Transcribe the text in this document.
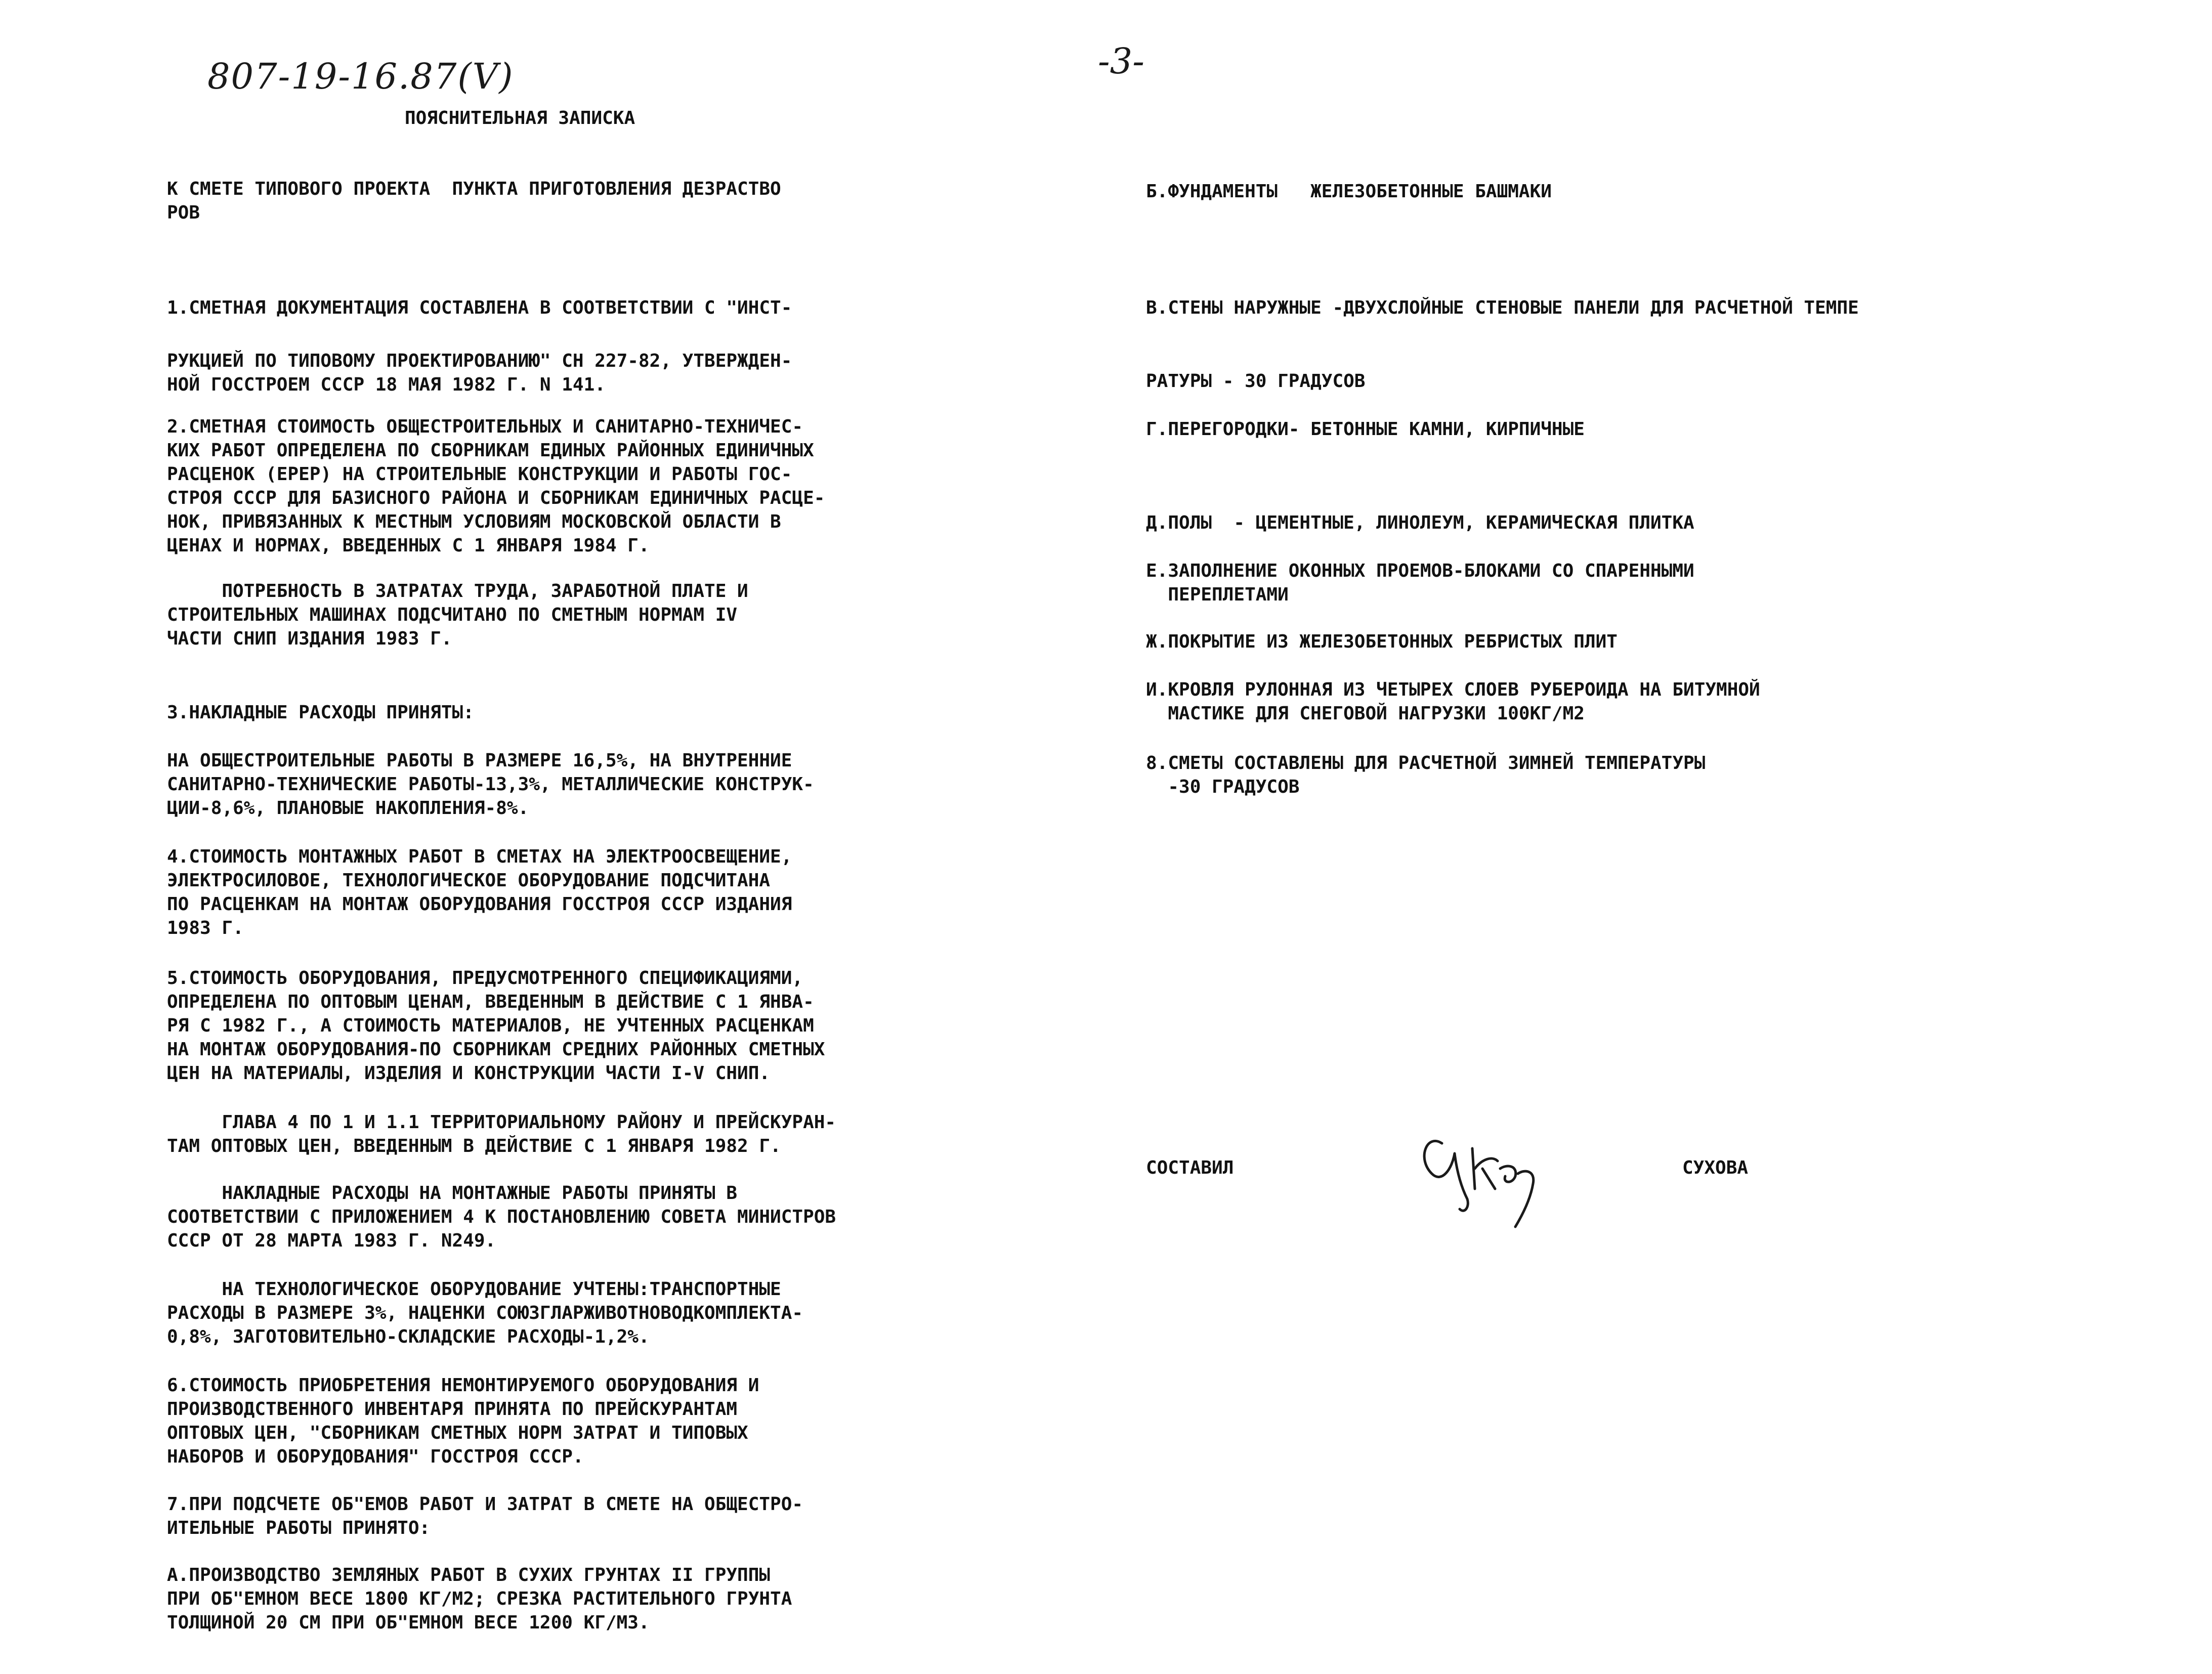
807-19-16.87(V)	-3-
ПОЯСНИТЕЛЬНАЯ ЗАПИСКА
К СМЕТЕ ТИПОВОГО ПРОЕКТА  ПУНКТА ПРИГОТОВЛЕНИЯ ДЕЗРАСТВО
РОВ
1.СМЕТНАЯ ДОКУМЕНТАЦИЯ СОСТАВЛЕНА В СООТВЕТСТВИИ С "ИНСТ-
РУКЦИЕЙ ПО ТИПОВОМУ ПРОЕКТИРОВАНИЮ" СН 227-82, УТВЕРЖДЕН-
НОЙ ГОССТРОЕМ СССР 18 МАЯ 1982 Г. N 141.
2.СМЕТНАЯ СТОИМОСТЬ ОБЩЕСТРОИТЕЛЬНЫХ И САНИТАРНО-ТЕХНИЧЕС-
КИХ РАБОТ ОПРЕДЕЛЕНА ПО СБОРНИКАМ ЕДИНЫХ РАЙОННЫХ ЕДИНИЧНЫХ
РАСЦЕНОК (ЕРЕР) НА СТРОИТЕЛЬНЫЕ КОНСТРУКЦИИ И РАБОТЫ ГОС-
СТРОЯ СССР ДЛЯ БАЗИСНОГО РАЙОНА И СБОРНИКАМ ЕДИНИЧНЫХ РАСЦЕ-
НОК, ПРИВЯЗАННЫХ К МЕСТНЫМ УСЛОВИЯМ МОСКОВСКОЙ ОБЛАСТИ В
ЦЕНАХ И НОРМАХ, ВВЕДЕННЫХ С 1 ЯНВАРЯ 1984 Г.
ПОТРЕБНОСТЬ В ЗАТРАТАХ ТРУДА, ЗАРАБОТНОЙ ПЛАТЕ И
СТРОИТЕЛЬНЫХ МАШИНАХ ПОДСЧИТАНО ПО СМЕТНЫМ НОРМАМ IV
ЧАСТИ СНИП ИЗДАНИЯ 1983 Г.
3.НАКЛАДНЫЕ РАСХОДЫ ПРИНЯТЫ:
НА ОБЩЕСТРОИТЕЛЬНЫЕ РАБОТЫ В РАЗМЕРЕ 16,5%, НА ВНУТРЕННИЕ
САНИТАРНО-ТЕХНИЧЕСКИЕ РАБОТЫ-13,3%, МЕТАЛЛИЧЕСКИЕ КОНСТРУК-
ЦИИ-8,6%, ПЛАНОВЫЕ НАКОПЛЕНИЯ-8%.
4.СТОИМОСТЬ МОНТАЖНЫХ РАБОТ В СМЕТАХ НА ЭЛЕКТРООСВЕЩЕНИЕ,
ЭЛЕКТРОСИЛОВОЕ, ТЕХНОЛОГИЧЕСКОЕ ОБОРУДОВАНИЕ ПОДСЧИТАНА
ПО РАСЦЕНКАМ НА МОНТАЖ ОБОРУДОВАНИЯ ГОССТРОЯ СССР ИЗДАНИЯ
1983 Г.
5.СТОИМОСТЬ ОБОРУДОВАНИЯ, ПРЕДУСМОТРЕННОГО СПЕЦИФИКАЦИЯМИ,
ОПРЕДЕЛЕНА ПО ОПТОВЫМ ЦЕНАМ, ВВЕДЕННЫМ В ДЕЙСТВИЕ С 1 ЯНВА-
РЯ С 1982 Г., А СТОИМОСТЬ МАТЕРИАЛОВ, НЕ УЧТЕННЫХ РАСЦЕНКАМ
НА МОНТАЖ ОБОРУДОВАНИЯ-ПО СБОРНИКАМ СРЕДНИХ РАЙОННЫХ СМЕТНЫХ
ЦЕН НА МАТЕРИАЛЫ, ИЗДЕЛИЯ И КОНСТРУКЦИИ ЧАСТИ I-V СНИП.
ГЛАВА 4 ПО 1 И 1.1 ТЕРРИТОРИАЛЬНОМУ РАЙОНУ И ПРЕЙСКУРАН-
ТАМ ОПТОВЫХ ЦЕН, ВВЕДЕННЫМ В ДЕЙСТВИЕ С 1 ЯНВАРЯ 1982 Г.
НАКЛАДНЫЕ РАСХОДЫ НА МОНТАЖНЫЕ РАБОТЫ ПРИНЯТЫ В
СООТВЕТСТВИИ С ПРИЛОЖЕНИЕМ 4 К ПОСТАНОВЛЕНИЮ СОВЕТА МИНИСТРОВ
СССР ОТ 28 МАРТА 1983 Г. N249.
НА ТЕХНОЛОГИЧЕСКОЕ ОБОРУДОВАНИЕ УЧТЕНЫ:ТРАНСПОРТНЫЕ
РАСХОДЫ В РАЗМЕРЕ 3%, НАЦЕНКИ СОЮЗГЛАРЖИВОТНОВОДКОМПЛЕКТА-
0,8%, ЗАГОТОВИТЕЛЬНО-СКЛАДСКИЕ РАСХОДЫ-1,2%.
6.СТОИМОСТЬ ПРИОБРЕТЕНИЯ НЕМОНТИРУЕМОГО ОБОРУДОВАНИЯ И
ПРОИЗВОДСТВЕННОГО ИНВЕНТАРЯ ПРИНЯТА ПО ПРЕЙСКУРАНТАМ
ОПТОВЫХ ЦЕН, "СБОРНИКАМ СМЕТНЫХ НОРМ ЗАТРАТ И ТИПОВЫХ
НАБОРОВ И ОБОРУДОВАНИЯ" ГОССТРОЯ СССР.
7.ПРИ ПОДСЧЕТЕ ОБ"ЕМОВ РАБОТ И ЗАТРАТ В СМЕТЕ НА ОБЩЕСТРО-
ИТЕЛЬНЫЕ РАБОТЫ ПРИНЯТО:
А.ПРОИЗВОДСТВО ЗЕМЛЯНЫХ РАБОТ В СУХИХ ГРУНТАХ II ГРУППЫ
ПРИ ОБ"ЕМНОМ ВЕСЕ 1800 КГ/М2; СРЕЗКА РАСТИТЕЛЬНОГО ГРУНТА
ТОЛЩИНОЙ 20 СМ ПРИ ОБ"ЕМНОМ ВЕСЕ 1200 КГ/М3.
Б.ФУНДАМЕНТЫ   ЖЕЛЕЗОБЕТОННЫЕ БАШМАКИ
В.СТЕНЫ НАРУЖНЫЕ -ДВУХСЛОЙНЫЕ СТЕНОВЫЕ ПАНЕЛИ ДЛЯ РАСЧЕТНОЙ ТЕМПЕ
РАТУРЫ - 30 ГРАДУСОВ
Г.ПЕРЕГОРОДКИ- БЕТОННЫЕ КАМНИ, КИРПИЧНЫЕ
Д.ПОЛЫ  - ЦЕМЕНТНЫЕ, ЛИНОЛЕУМ, КЕРАМИЧЕСКАЯ ПЛИТКА
Е.ЗАПОЛНЕНИЕ ОКОННЫХ ПРОЕМОВ-БЛОКАМИ СО СПАРЕННЫМИ
ПЕРЕПЛЕТАМИ
Ж.ПОКРЫТИЕ ИЗ ЖЕЛЕЗОБЕТОННЫХ РЕБРИСТЫХ ПЛИТ
И.КРОВЛЯ РУЛОННАЯ ИЗ ЧЕТЫРЕХ СЛОЕВ РУБЕРОИДА НА БИТУМНОЙ
МАСТИКЕ ДЛЯ СНЕГОВОЙ НАГРУЗКИ 100КГ/М2
8.СМЕТЫ СОСТАВЛЕНЫ ДЛЯ РАСЧЕТНОЙ ЗИМНЕЙ ТЕМПЕРАТУРЫ
-30 ГРАДУСОВ
СОСТАВИЛ	СУХОВА
